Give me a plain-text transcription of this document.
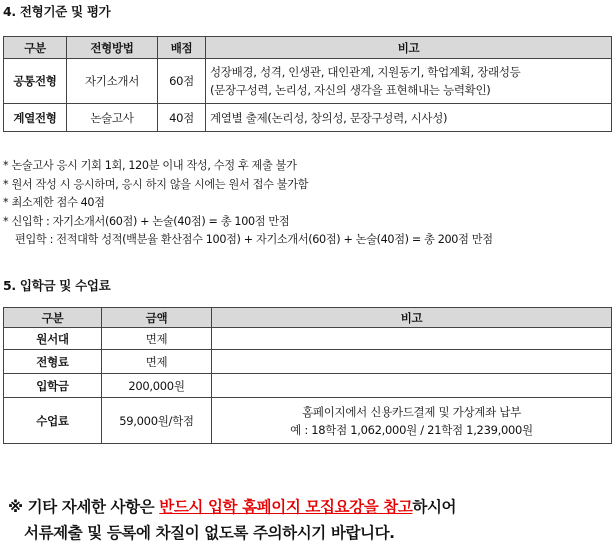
4. 전형기준 및 평가
구분	전형방법	배점	비고
공통전형	자기소개서	60점	성장배경, 성격, 인생관, 대인관계, 지원동기, 학업계획, 장래성등
(문장구성력, 논리성, 자신의 생각을 표현해내는 능력확인)

계열전형	논술고사	40점	계열별 출제(논리성, 창의성, 문장구성력, 시사성)
* 논술고사 응시 기회 1회, 120분 이내 작성, 수정 후 제출 불가
* 원서 작성 시 응시하며, 응시 하지 않을 시에는 원서 접수 불가함
* 최소제한 점수 40점
* 신입학 : 자기소개서(60점) + 논술(40점) = 총 100점 만점
편입학 : 전적대학 성적(백분율 환산점수 100점) + 자기소개서(60점) + 논술(40점) = 총 200점 만점
5. 입학금 및 수업료
구분	금액	비고
원서대	면제	
전형료	면제	
입학금	200,000원	
수업료	59,000원/학점	홈페이지에서 신용카드결제 및 가상계좌 납부
예 : 18학점 1,062,000원 / 21학점 1,239,000원
※ 기타 자세한 사항은 반드시 입학 홈페이지 모집요강을 참고하시어
서류제출 및 등록에 차질이 없도록 주의하시기 바랍니다.
